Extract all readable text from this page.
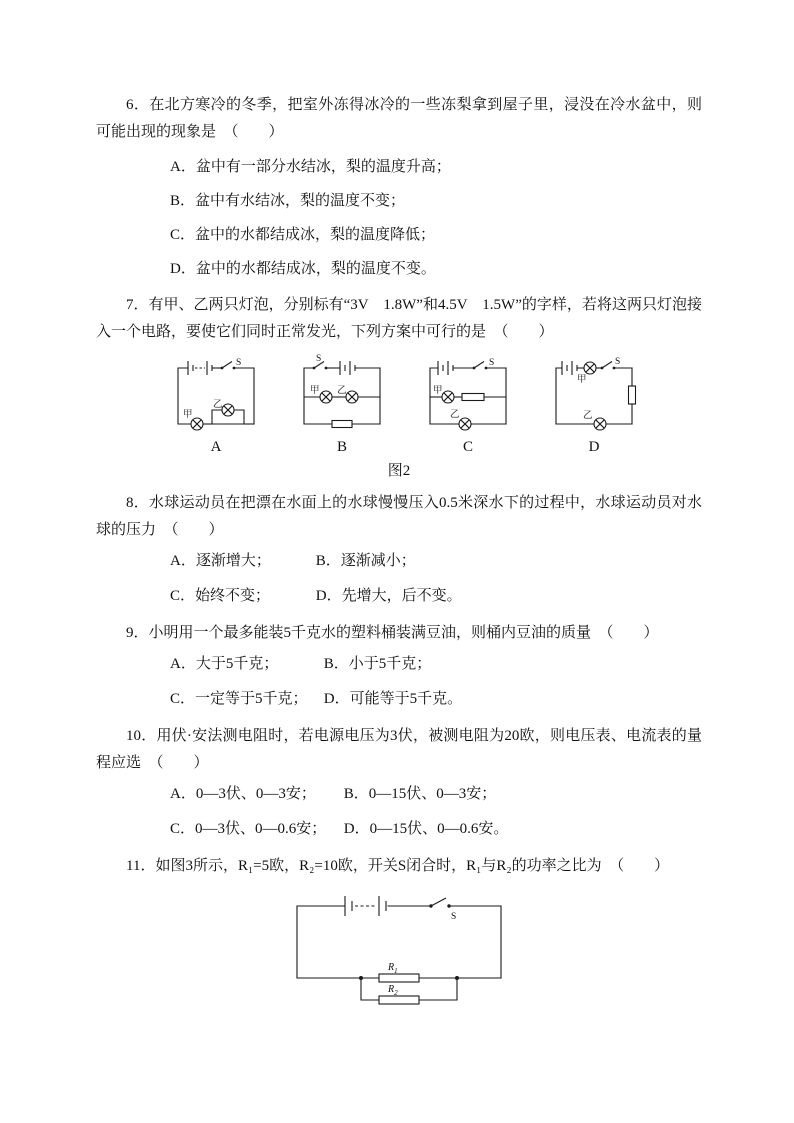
6．在北方寒冷的冬季，把室外冻得冰冷的一些冻梨拿到屋子里，浸没在冷水盆中，则可能出现的现象是　（　　）

A．盆中有一部分水结冰，梨的温度升高；

B．盆中有水结冰，梨的温度不变；

C．盆中的水都结成冰，梨的温度降低；

D．盆中的水都结成冰，梨的温度不变。

7．有甲、乙两只灯泡，分别标有“3V　1.8W”和4.5V　1.5W”的字样，若将这两只灯泡接入一个电路，要使它们同时正常发光，下列方案中可行的是　（　　）

S
甲
乙
S
甲 乙
S
甲
乙
甲
S
乙
A	B	C	D

图2

8．水球运动员在把漂在水面上的水球慢慢压入0.5米深水下的过程中，水球运动员对水球的压力　（　　）

A．逐渐增大；	B．逐渐减小；

C．始终不变；	D．先增大，后不变。

9．小明用一个最多能装5千克水的塑料桶装满豆油，则桶内豆油的质量　（　　）

A．大于5千克；	B．小于5千克；

C．一定等于5千克； D．可能等于5千克。

10．用伏·安法测电阻时，若电源电压为3伏，被测电阻为20欧，则电压表、电流表的量程应选　（　　）

A．0—3伏、0—3安； B．0—15伏、0—3安；

C．0—3伏、0—0.6安； D．0—15伏、0—0.6安。

11．如图3所示，R₁=5欧，R₂=10欧，开关S闭合时，R₁与R₂的功率之比为　（　　）

S
$R_1$
$R_2$
